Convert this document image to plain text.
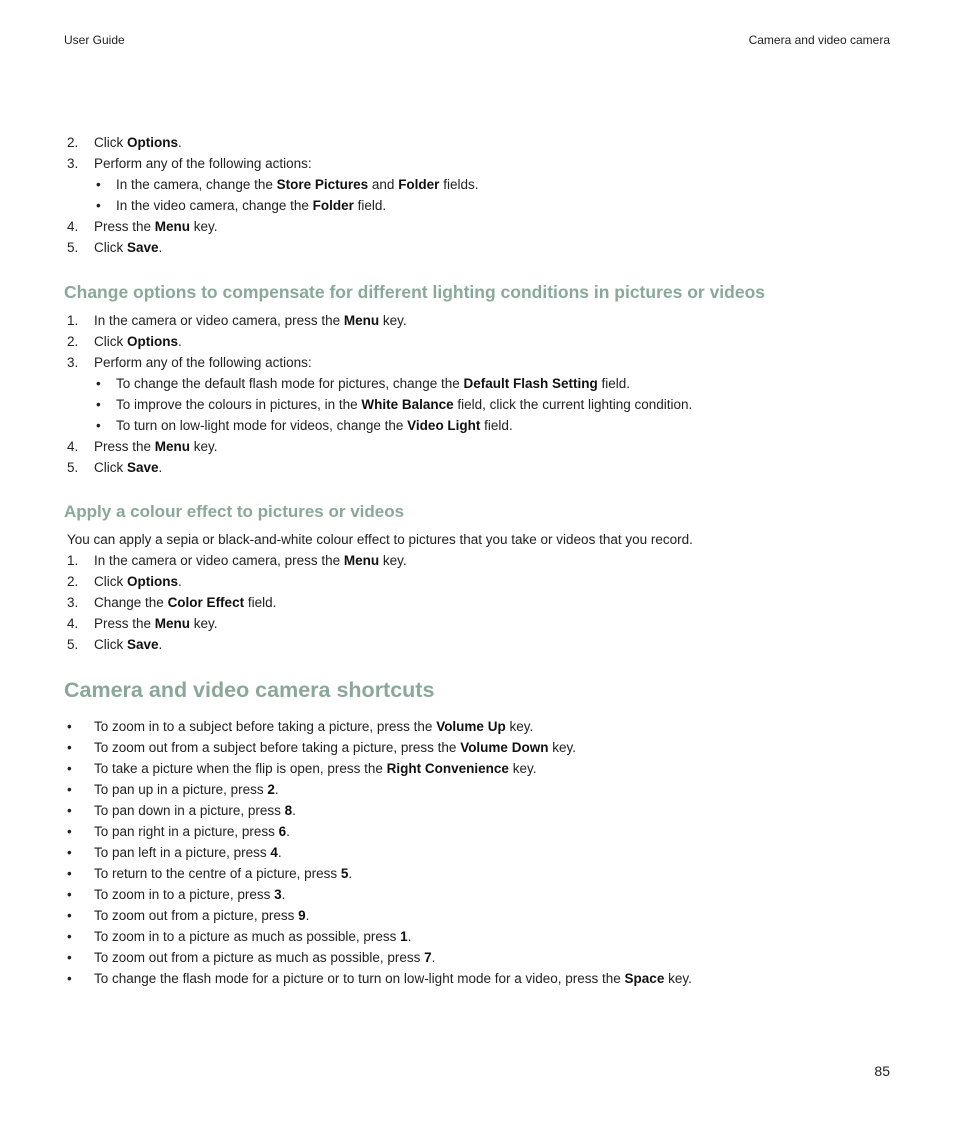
User Guide	Camera and video camera
2. Click Options.
3. Perform any of the following actions:
• In the camera, change the Store Pictures and Folder fields.
• In the video camera, change the Folder field.
4. Press the Menu key.
5. Click Save.
Change options to compensate for different lighting conditions in pictures or videos
1. In the camera or video camera, press the Menu key.
2. Click Options.
3. Perform any of the following actions:
• To change the default flash mode for pictures, change the Default Flash Setting field.
• To improve the colours in pictures, in the White Balance field, click the current lighting condition.
• To turn on low-light mode for videos, change the Video Light field.
4. Press the Menu key.
5. Click Save.
Apply a colour effect to pictures or videos
You can apply a sepia or black-and-white colour effect to pictures that you take or videos that you record.
1. In the camera or video camera, press the Menu key.
2. Click Options.
3. Change the Color Effect field.
4. Press the Menu key.
5. Click Save.
Camera and video camera shortcuts
• To zoom in to a subject before taking a picture, press the Volume Up key.
• To zoom out from a subject before taking a picture, press the Volume Down key.
• To take a picture when the flip is open, press the Right Convenience key.
• To pan up in a picture, press 2.
• To pan down in a picture, press 8.
• To pan right in a picture, press 6.
• To pan left in a picture, press 4.
• To return to the centre of a picture, press 5.
• To zoom in to a picture, press 3.
• To zoom out from a picture, press 9.
• To zoom in to a picture as much as possible, press 1.
• To zoom out from a picture as much as possible, press 7.
• To change the flash mode for a picture or to turn on low-light mode for a video, press the Space key.
85
